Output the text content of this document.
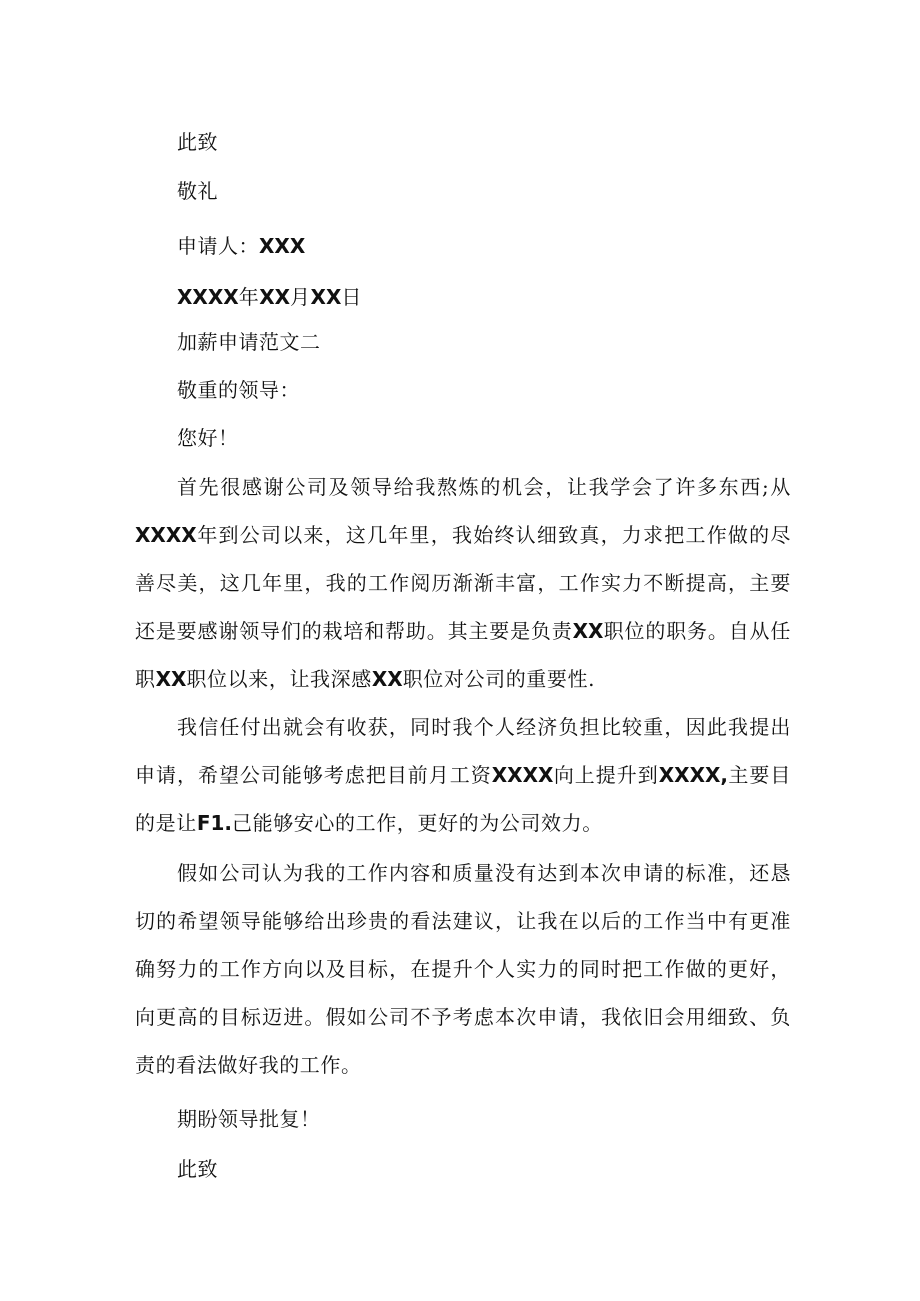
此致
敬礼
申请人：XXX
XXXX年XX月XX日
加薪申请范文二
敬重的领导：
您好！

首先很感谢公司及领导给我熬炼的机会，让我学会了许多东西;从XXXX年到公司以来，这几年里，我始终认细致真，力求把工作做的尽善尽美，这几年里，我的工作阅历渐渐丰富，工作实力不断提高，主要还是要感谢领导们的栽培和帮助。其主要是负责XX职位的职务。自从任职XX职位以来，让我深感XX职位对公司的重要性.

我信任付出就会有收获，同时我个人经济负担比较重，因此我提出申请，希望公司能够考虑把目前月工资XXXX向上提升到XXXX,主要目的是让F1.己能够安心的工作，更好的为公司效力。

假如公司认为我的工作内容和质量没有达到本次申请的标准，还恳切的希望领导能够给出珍贵的看法建议，让我在以后的工作当中有更准确努力的工作方向以及目标，在提升个人实力的同时把工作做的更好，向更高的目标迈进。假如公司不予考虑本次申请，我依旧会用细致、负责的看法做好我的工作。

期盼领导批复！
此致
